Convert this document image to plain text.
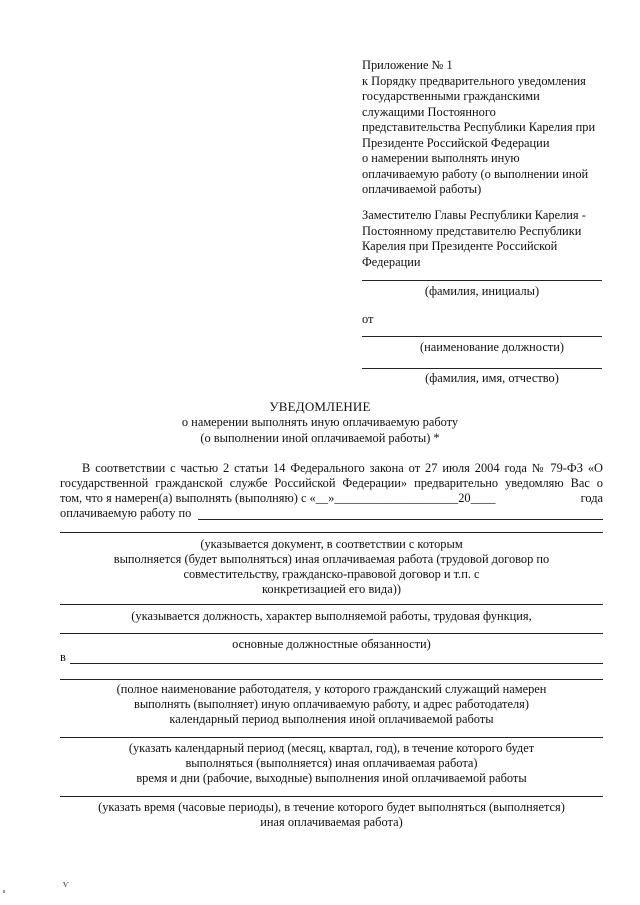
Приложение № 1
к Порядку предварительного уведомления
государственными гражданскими
служащими Постоянного
представительства Республики Карелия при
Президенте Российской Федерации
о намерении выполнять иную
оплачиваемую работу (о выполнении иной
оплачиваемой работы)
Заместителю Главы Республики Карелия -
Постоянному представителю Республики
Карелия при Президенте Российской
Федерации
(фамилия, инициалы)
от
(наименование должности)
(фамилия, имя, отчество)
УВЕДОМЛЕНИЕ
о намерении выполнять иную оплачиваемую работу
(о выполнении иной оплачиваемой работы) *
В соответствии с частью 2 статьи 14 Федерального закона от 27 июля 2004 года № 79-ФЗ «О
государственной гражданской службе Российской Федерации» предварительно уведомляю Вас о
том, что я намерен(а) выполнять (выполняю) с «__»____________________20____	года
оплачиваемую работу по
(указывается документ, в соответствии с которым
выполняется (будет выполняться) иная оплачиваемая работа (трудовой договор по
совместительству, гражданско-правовой договор и т.п. с
конкретизацией его вида))
(указывается должность, характер выполняемой работы, трудовая функция,
основные должностные обязанности)
в
(полное наименование работодателя, у которого гражданский служащий намерен
выполнять (выполняет) иную оплачиваемую работу, и адрес работодателя)
календарный период выполнения иной оплачиваемой работы
(указать календарный период (месяц, квартал, год), в течение которого будет
выполняться (выполняется) иная оплачиваемая работа)
время и дни (рабочие, выходные) выполнения иной оплачиваемой работы
(указать время (часовые периоды), в течение которого будет выполняться (выполняется)
иная оплачиваемая работа)
ѵ
